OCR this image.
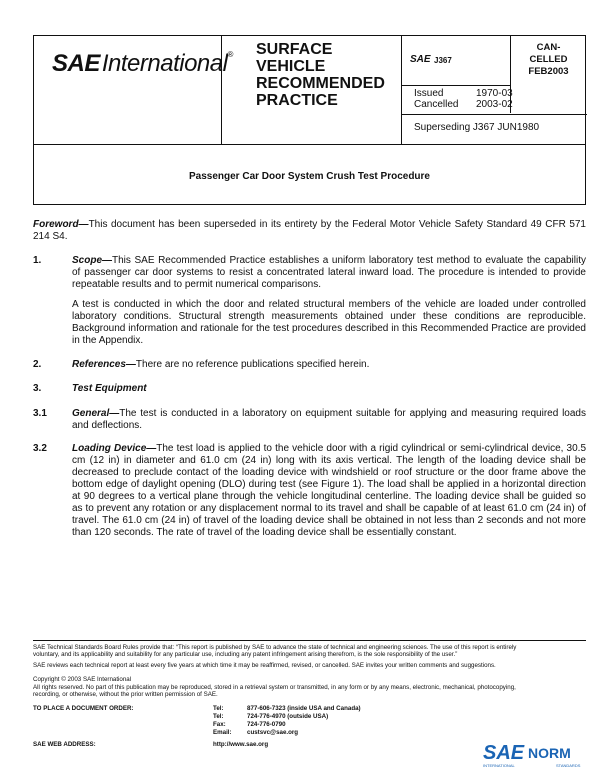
SAEInternational® SURFACE
VEHICLE
RECOMMENDED
PRACTICE
SAE J367
Issued	1970-03
Cancelled 2003-02
Superseding J367 JUN1980
CAN-
CELLED
FEB2003
Passenger Car Door System Crush Test Procedure
Foreword—This document has been superseded in its entirety by the Federal Motor Vehicle Safety Standard 49 CFR 571 214 S4.
1.	Scope—This SAE Recommended Practice establishes a uniform laboratory test method to evaluate the capability of passenger car door systems to resist a concentrated lateral inward load. The procedure is intended to provide repeatable results and to permit numerical comparisons.
A test is conducted in which the door and related structural members of the vehicle are loaded under controlled laboratory conditions. Structural strength measurements obtained under these conditions are reproducible. Background information and rationale for the test procedures described in this Recommended Practice are provided in the Appendix.
2.	References—There are no reference publications specified herein.
3.	Test Equipment
3.1	General—The test is conducted in a laboratory on equipment suitable for applying and measuring required loads and deflections.
3.2	Loading Device—The test load is applied to the vehicle door with a rigid cylindrical or semi-cylindrical device, 30.5 cm (12 in) in diameter and 61.0 cm (24 in) long with its axis vertical. The length of the loading device shall be decreased to preclude contact of the loading device with windshield or roof structure or the door frame above the bottom edge of daylight opening (DLO) during test (see Figure 1). The load shall be applied in a horizontal direction at 90 degrees to a vertical plane through the vehicle longitudinal centerline. The loading device shall be guided so as to prevent any rotation or any displacement normal to its travel and shall be capable of at least 61.0 cm (24 in) of travel. The 61.0 cm (24 in) of travel of the loading device shall be obtained in not less than 2 seconds and not more than 120 seconds. The rate of travel of the loading device shall be essentially constant.
SAE Technical Standards Board Rules provide that: “This report is published by SAE to advance the state of technical and engineering sciences. The use of this report is entirely
voluntary, and its applicability and suitability for any particular use, including any patent infringement arising therefrom, is the sole responsibility of the user.”
SAE reviews each technical report at least every five years at which time it may be reaffirmed, revised, or cancelled. SAE invites your written comments and suggestions.
Copyright © 2003 SAE International
All rights reserved. No part of this publication may be reproduced, stored in a retrieval system or transmitted, in any form or by any means, electronic, mechanical, photocopying,
recording, or otherwise, without the prior written permission of SAE.
TO PLACE A DOCUMENT ORDER:	Tel:	877-606-7323 (inside USA and Canada)
Tel:	724-776-4970 (outside USA)
Fax:	724-776-0790
Email: custsvc@sae.org
SAE WEB ADDRESS:	http://www.sae.org	SAE NORM
INTERNATIONAL	STANDARDS
